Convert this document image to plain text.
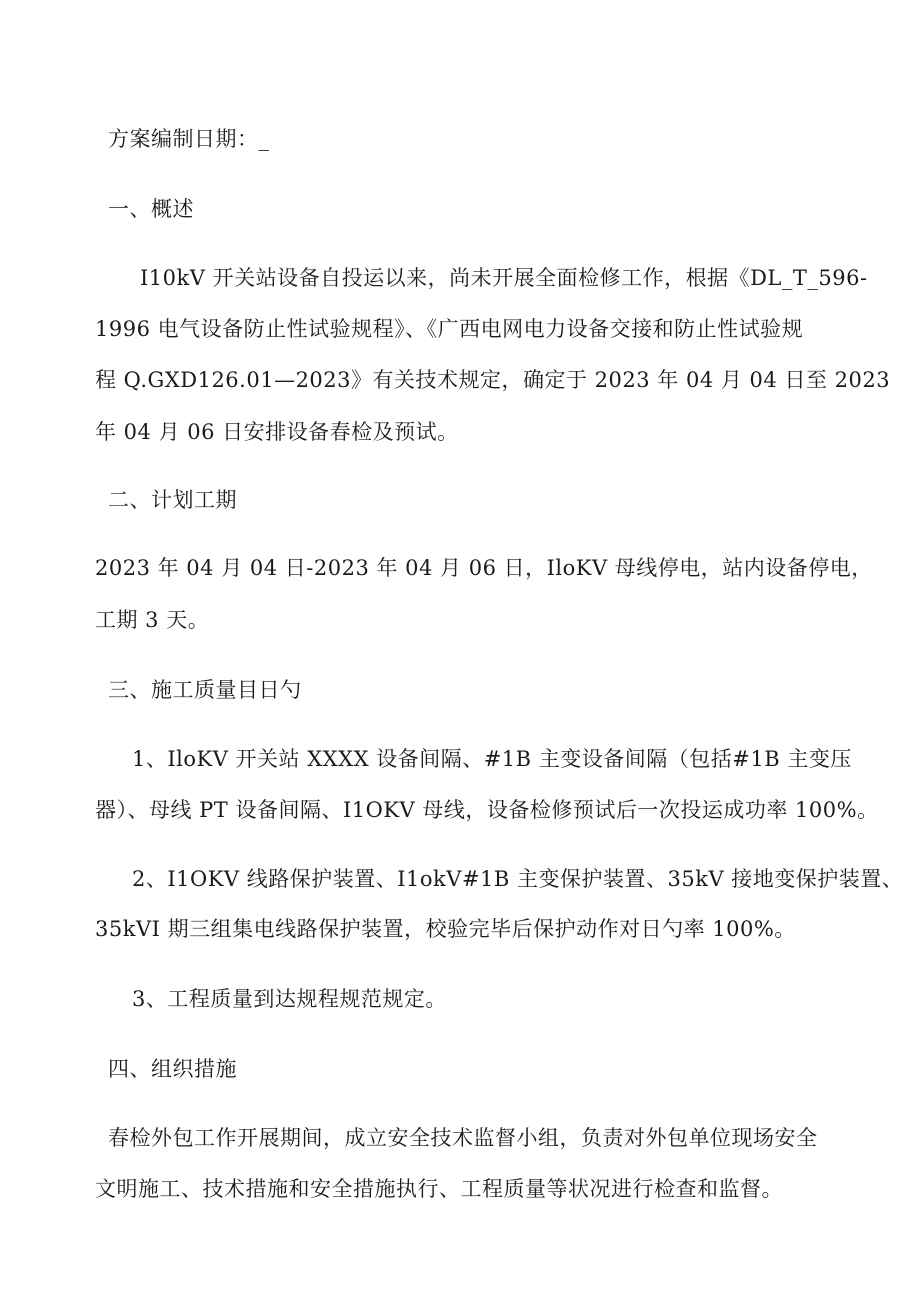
方案编制日期：_

一、概述

I10kV 开关站设备自投运以来，尚未开展全面检修工作，根据《DL_T_596-

1996 电气设备防止性试验规程》、《广西电网电力设备交接和防止性试验规

程 Q.GXD126.01—2023》有关技术规定，确定于 2023 年 04 月 04 日至 2023

年 04 月 06 日安排设备春检及预试。

二、计划工期

2023 年 04 月 04 日-2023 年 04 月 06 日，IloKV 母线停电，站内设备停电，

工期 3 天。

三、施工质量目日勺

1、IloKV 开关站 XXXX 设备间隔、#1B 主变设备间隔（包括#1B 主变压

器）、母线 PT 设备间隔、I1OKV 母线，设备检修预试后一次投运成功率 100%。

2、I1OKV 线路保护装置、I1okV#1B 主变保护装置、35kV 接地变保护装置、

35kVI 期三组集电线路保护装置，校验完毕后保护动作对日勺率 100%。

3、工程质量到达规程规范规定。

四、组织措施

春检外包工作开展期间，成立安全技术监督小组，负责对外包单位现场安全

文明施工、技术措施和安全措施执行、工程质量等状况进行检查和监督。
